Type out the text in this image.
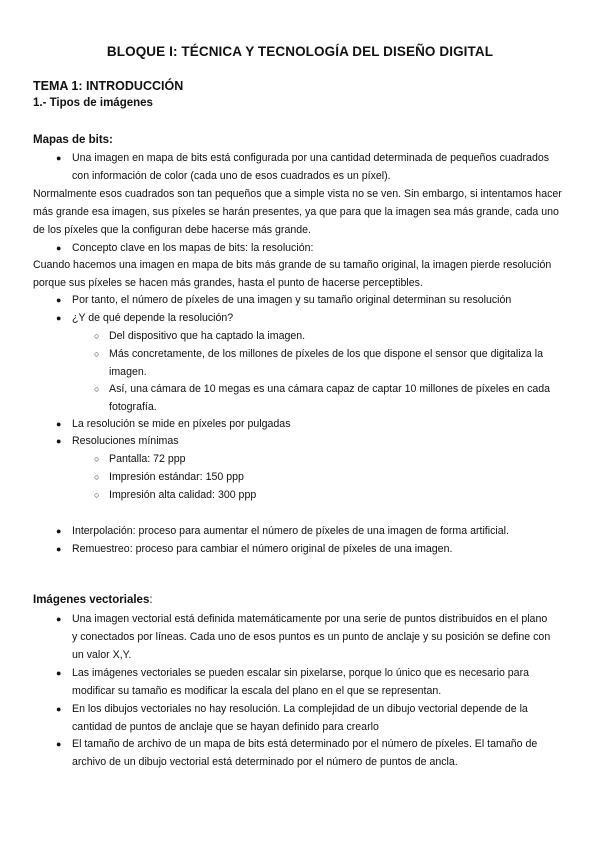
BLOQUE I: TÉCNICA Y TECNOLOGÍA DEL DISEÑO DIGITAL
TEMA 1: INTRODUCCIÓN
1.- Tipos de imágenes
Mapas de bits:
● Una imagen en mapa de bits está configurada por una cantidad determinada de pequeños cuadrados con información de color (cada uno de esos cuadrados es un píxel).
Normalmente esos cuadrados son tan pequeños que a simple vista no se ven. Sin embargo, si intentamos hacer más grande esa imagen, sus píxeles se harán presentes, ya que para que la imagen sea más grande, cada uno de los píxeles que la configuran debe hacerse más grande.
● Concepto clave en los mapas de bits: la resolución:
Cuando hacemos una imagen en mapa de bits más grande de su tamaño original, la imagen pierde resolución porque sus píxeles se hacen más grandes, hasta el punto de hacerse perceptibles.
● Por tanto, el número de píxeles de una imagen y su tamaño original determinan su resolución
● ¿Y de qué depende la resolución?
○ Del dispositivo que ha captado la imagen.
○ Más concretamente, de los millones de píxeles de los que dispone el sensor que digitaliza la imagen.
○ Así, una cámara de 10 megas es una cámara capaz de captar 10 millones de píxeles en cada fotografía.
● La resolución se mide en píxeles por pulgadas
● Resoluciones mínimas
○ Pantalla: 72 ppp
○ Impresión estándar: 150 ppp
○ Impresión alta calidad: 300 ppp
● Interpolación: proceso para aumentar el número de píxeles de una imagen de forma artificial.
● Remuestreo: proceso para cambiar el número original de píxeles de una imagen.
Imágenes vectoriales:
● Una imagen vectorial está definida matemáticamente por una serie de puntos distribuidos en el plano y conectados por líneas. Cada uno de esos puntos es un punto de anclaje y su posición se define con un valor X,Y.
● Las imágenes vectoriales se pueden escalar sin pixelarse, porque lo único que es necesario para modificar su tamaño es modificar la escala del plano en el que se representan.
● En los dibujos vectoriales no hay resolución. La complejidad de un dibujo vectorial depende de la cantidad de puntos de anclaje que se hayan definido para crearlo
● El tamaño de archivo de un mapa de bits está determinado por el número de píxeles. El tamaño de archivo de un dibujo vectorial está determinado por el número de puntos de ancla.
